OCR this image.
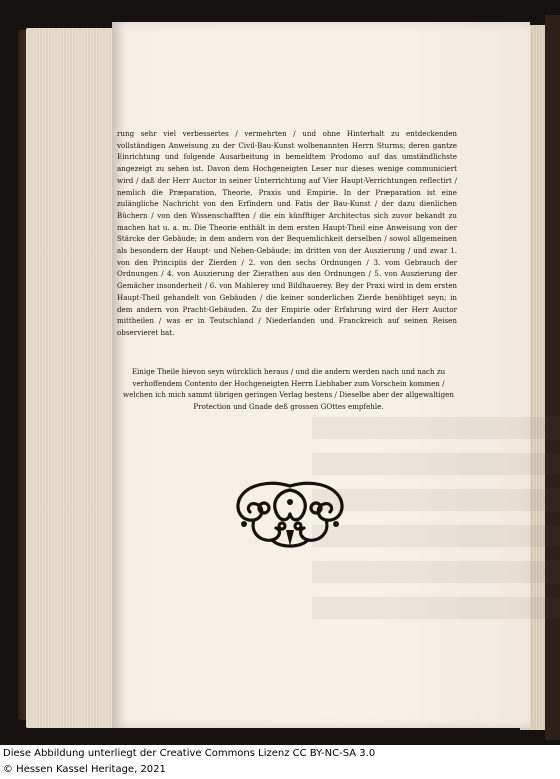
rung sehr viel verbessertes / vermehrten / und ohne Hinterhalt zu entdeckenden vollständigen Anweisung zu der Civil-Bau-Kunst wolbenannten Herrn Sturms; deren gantze Einrichtung und folgende Ausarbeitung in bemeldtem Prodomo auf das umständlichste angezeigt zu sehen ist. Davon dem Hochgeneigten Leser nur dieses wenige communiciert wird / daß der Herr Auctor in seiner Unterrichtung auf Vier Haupt-Verrichtungen reflectirt / nemlich die Præparation, Theorie, Praxis und Empirie. In der Præparation ist eine zulängliche Nachricht von den Erfindern und Fatis der Bau-Kunst / der dazu dienlichen Büchern / von den Wissenschafften / die ein künfftiger Architectus sich zuvor bekandt zu machen hat u. a. m. Die Theorie enthält in dem ersten Haupt-Theil eine Anweisung von der Stärcke der Gebäude; in dem andern von der Bequemlichkeit derselben / sowol allgemeinen als besondern der Haupt- und Neben-Gebäude; im dritten von der Auszierung / und zwar 1. von den Principiis der Zierden / 2. von den sechs Ordnungen / 3. vom Gebrauch der Ordnungen / 4. von Auszierung der Zierathen aus den Ordnungen / 5. von Auszierung der Gemächer insonderheit / 6. von Mahlerey und Bildhauerey. Bey der Praxi wird in dem ersten Haupt-Theil gehandelt von Gebäuden / die keiner sonderlichen Zierde benöhtiget seyn; in dem andern von Pracht-Gebäuden. Zu der Empirie oder Erfahrung wird der Herr Auctor mittheilen / was er in Teutschland / Niederlanden und Franckreich auf seinen Reisen observieret hat.

Einige Theile hievon seyn würcklich heraus / und die andern werden nach und nach zu verhoffendem Contento der Hochgeneigten Herrn Liebhaber zum Vorschein kommen / welchen ich mich sammt übrigen geringen Verlag bestens / Dieselbe aber der allgewaltigen Protection und Gnade deß grossen GOttes empfehle.

Diese Abbildung unterliegt der Creative Commons Lizenz CC BY-NC-SA 3.0
© Hessen Kassel Heritage, 2021
